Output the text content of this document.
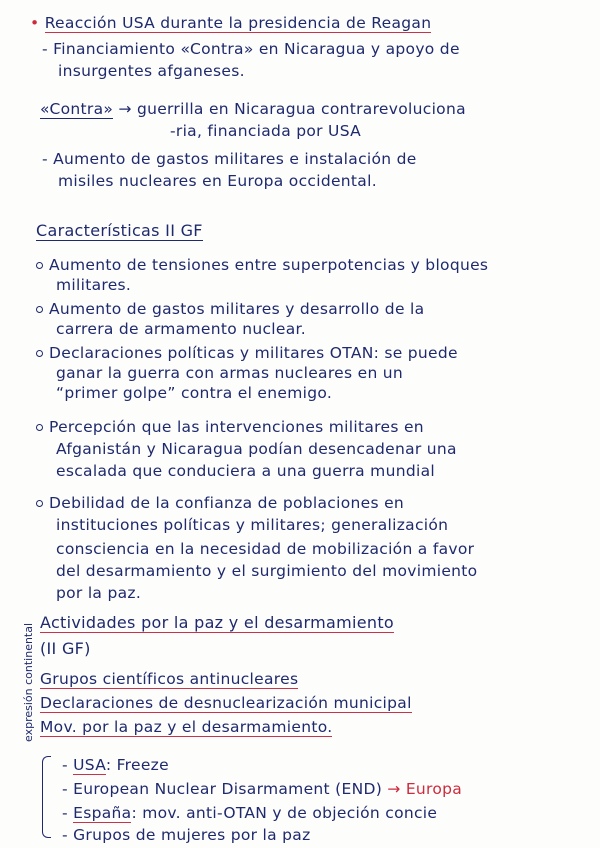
• Reacción USA durante la presidencia de Reagan
- Financiamiento «Contra» en Nicaragua y apoyo de
insurgentes afganeses.
«Contra» → guerrilla en Nicaragua contrarevoluciona
-ria, financiada por USA
- Aumento de gastos militares e instalación de
misiles nucleares en Europa occidental.
Características II GF
Aumento de tensiones entre superpotencias y bloques
militares.
Aumento de gastos militares y desarrollo de la
carrera de armamento nuclear.
Declaraciones políticas y militares OTAN: se puede
ganar la guerra con armas nucleares en un
“primer golpe” contra el enemigo.
Percepción que las intervenciones militares en
Afganistán y Nicaragua podían desencadenar una
escalada que conduciera a una guerra mundial
Debilidad de la confianza de poblaciones en
instituciones políticas y militares; generalización
consciencia en la necesidad de mobilización a favor
del desarmamiento y el surgimiento del movimiento
por la paz.
Actividades por la paz y el desarmamiento
(II GF)
Grupos científicos antinucleares
Declaraciones de desnuclearización municipal
Mov. por la paz y el desarmamiento.
expresión continental
- USA: Freeze
- European Nuclear Disarmament (END) → Europa
- España: mov. anti-OTAN y de objeción concie
- Grupos de mujeres por la paz
